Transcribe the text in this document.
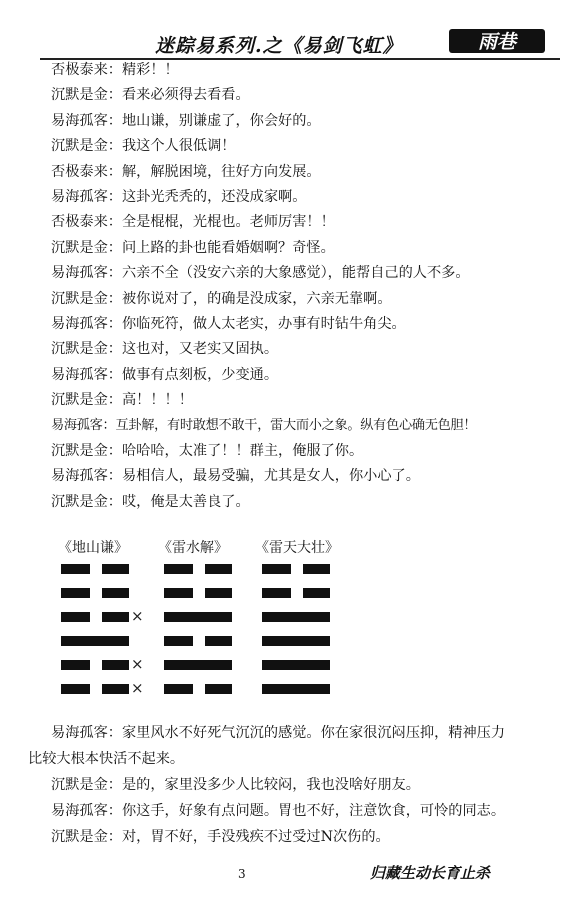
迷踪易系列.之《易剑飞虹》	雨巷
否极泰来：精彩！！
沉默是金：看来必须得去看看。
易海孤客：地山谦，别谦虚了，你会好的。
沉默是金：我这个人很低调！
否极泰来：解，解脱困境，往好方向发展。
易海孤客：这卦光秃秃的，还没成家啊。
否极泰来：全是棍棍，光棍也。老师厉害！！
沉默是金：问上路的卦也能看婚姻啊？奇怪。
易海孤客：六亲不全（没安六亲的大象感觉），能帮自己的人不多。
沉默是金：被你说对了，的确是没成家，六亲无靠啊。
易海孤客：你临死符，做人太老实，办事有时钻牛角尖。
沉默是金：这也对，又老实又固执。
易海孤客：做事有点刻板，少变通。
沉默是金：高！！！！
易海孤客：互卦解，有时敢想不敢干，雷大而小之象。纵有色心确无色胆！
沉默是金：哈哈哈，太准了！！群主，俺服了你。
易海孤客：易相信人，最易受骗，尤其是女人，你小心了。
沉默是金：哎，俺是太善良了。
《地山谦》
×
×
×
《雷水解》 《雷天大壮》
易海孤客：家里风水不好死气沉沉的感觉。你在家很沉闷压抑，精神压力
比较大根本快活不起来。
沉默是金：是的，家里没多少人比较闷，我也没啥好朋友。
易海孤客：你这手，好象有点问题。胃也不好，注意饮食，可怜的同志。
沉默是金：对，胃不好，手没残疾不过受过N次伤的。
3	归藏生动长育止杀
